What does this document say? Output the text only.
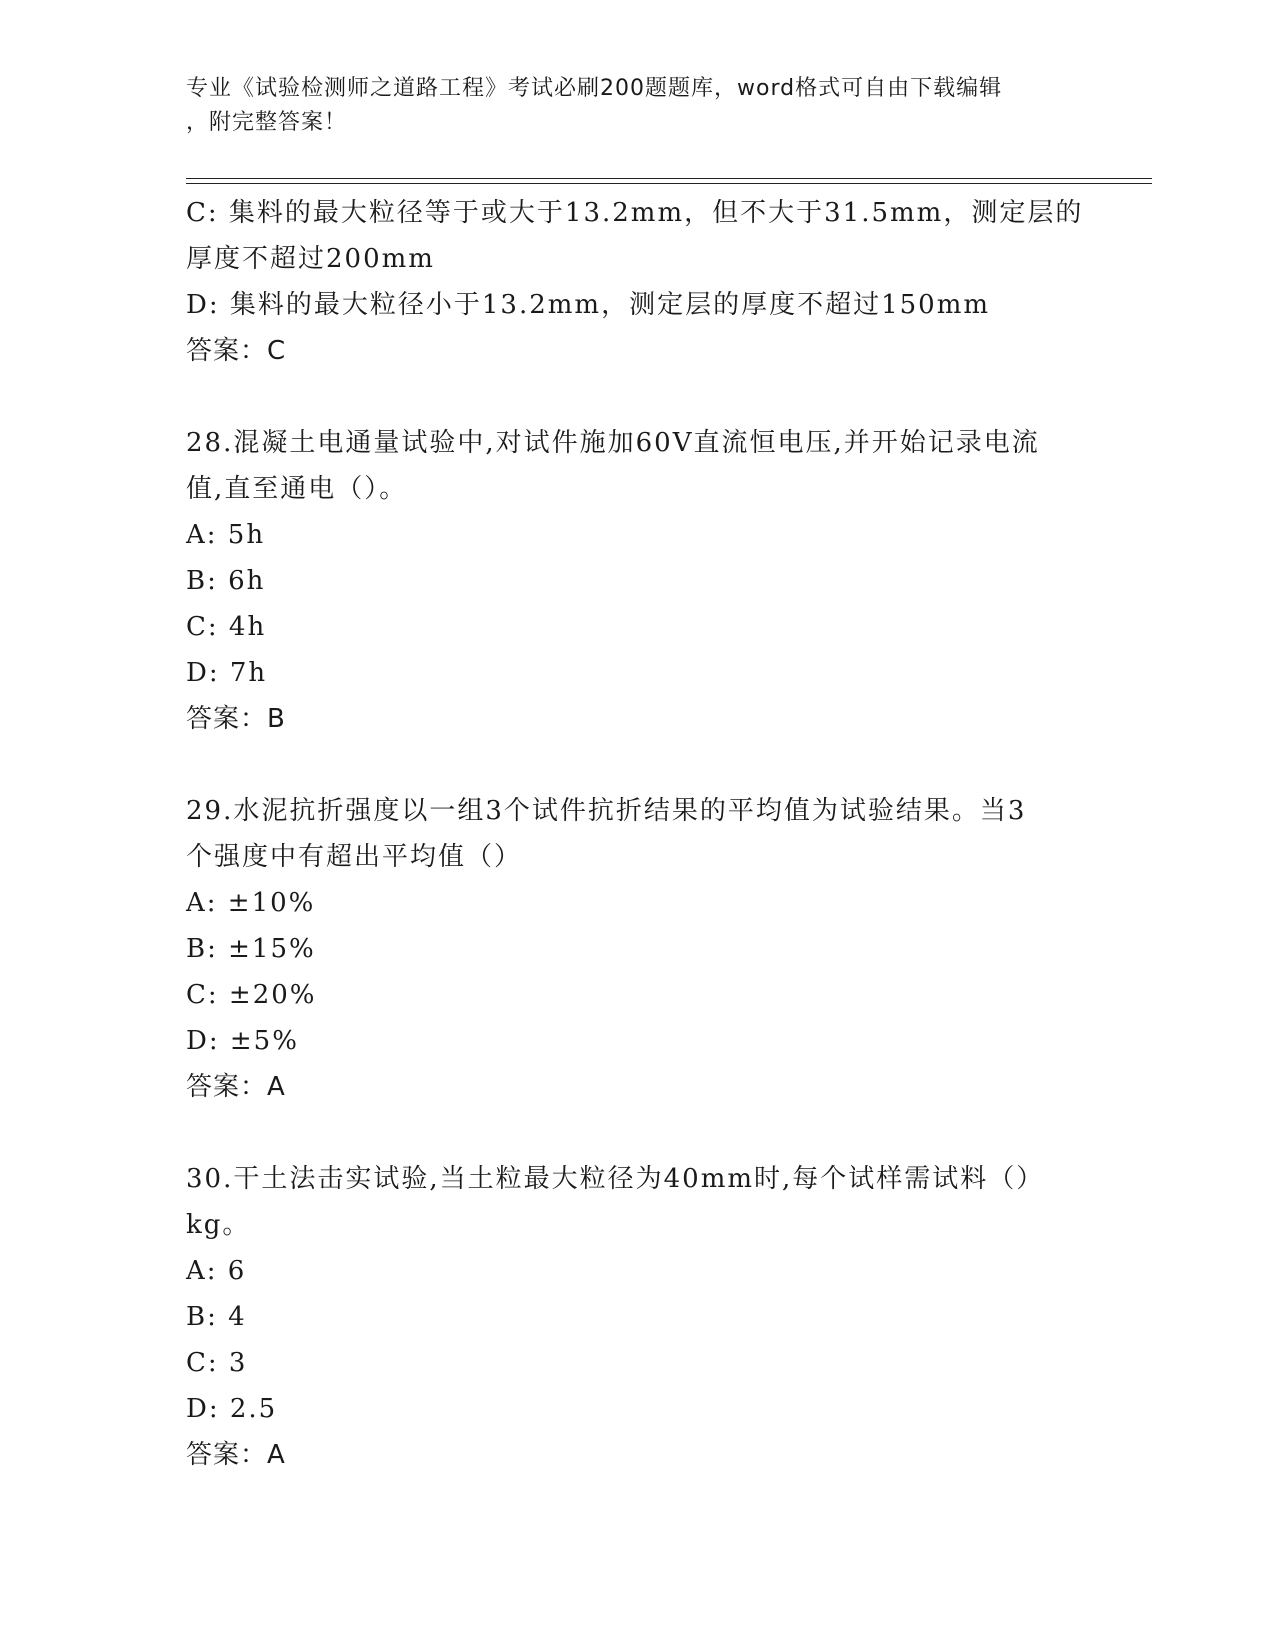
专业《试验检测师之道路工程》考试必刷200题题库，word格式可自由下载编辑
，附完整答案！
C: 集料的最大粒径等于或大于13.2mm，但不大于31.5mm，测定层的
厚度不超过200mm
D: 集料的最大粒径小于13.2mm，测定层的厚度不超过150mm
答案：C
28.混凝土电通量试验中,对试件施加60V直流恒电压,并开始记录电流
值,直至通电（）。
A: 5h
B: 6h
C: 4h
D: 7h
答案：B
29.水泥抗折强度以一组3个试件抗折结果的平均值为试验结果。当3
个强度中有超出平均值（）
A: ±10%
B: ±15%
C: ±20%
D: ±5%
答案：A
30.干土法击实试验,当土粒最大粒径为40mm时,每个试样需试料（）
kg。
A: 6
B: 4
C: 3
D: 2.5
答案：A
